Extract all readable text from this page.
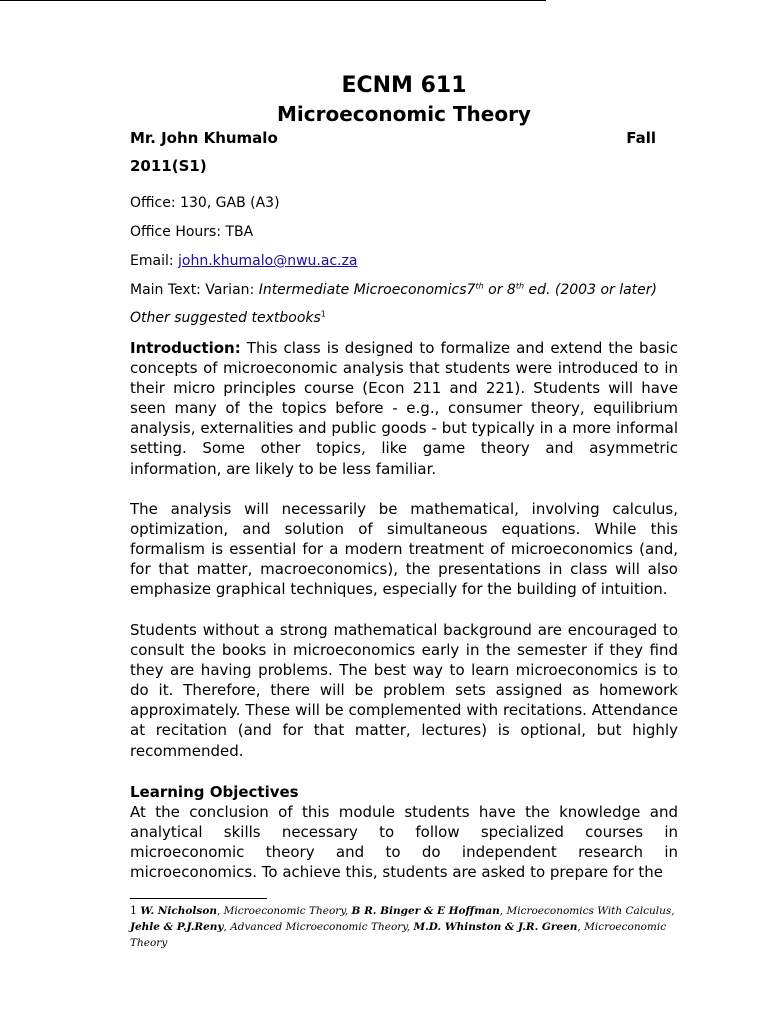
ECNM 611
Microeconomic Theory
Mr. John Khumalo	Fall
2011(S1)
Office: 130, GAB (A3)
Office Hours: TBA
Email: john.khumalo@nwu.ac.za
Main Text: Varian: Intermediate Microeconomics7th or 8th ed. (2003 or later)
Other suggested textbooks$^1$
Introduction: This class is designed to formalize and extend the basic concepts of microeconomic analysis that students were introduced to in their micro principles course (Econ 211 and 221). Students will have seen many of the topics before - e.g., consumer theory, equilibrium analysis, externalities and public goods - but typically in a more informal setting. Some other topics, like game theory and asymmetric information, are likely to be less familiar.
The analysis will necessarily be mathematical, involving calculus, optimization, and solution of simultaneous equations. While this formalism is essential for a modern treatment of microeconomics (and, for that matter, macroeconomics), the presentations in class will also emphasize graphical techniques, especially for the building of intuition.
Students without a strong mathematical background are encouraged to consult the books in microeconomics early in the semester if they find they are having problems. The best way to learn microeconomics is to do it. Therefore, there will be problem sets assigned as homework approximately. These will be complemented with recitations. Attendance at recitation (and for that matter, lectures) is optional, but highly recommended.
Learning Objectives
At the conclusion of this module students have the knowledge and analytical skills necessary to follow specialized courses in microeconomic theory and to do independent research in microeconomics. To achieve this, students are asked to prepare for the
1 W. Nicholson, Microeconomic Theory, B R. Binger & E Hoffman, Microeconomics With Calculus, Jehle & P.J.Reny, Advanced Microeconomic Theory, M.D. Whinston & J.R. Green, Microeconomic Theory
